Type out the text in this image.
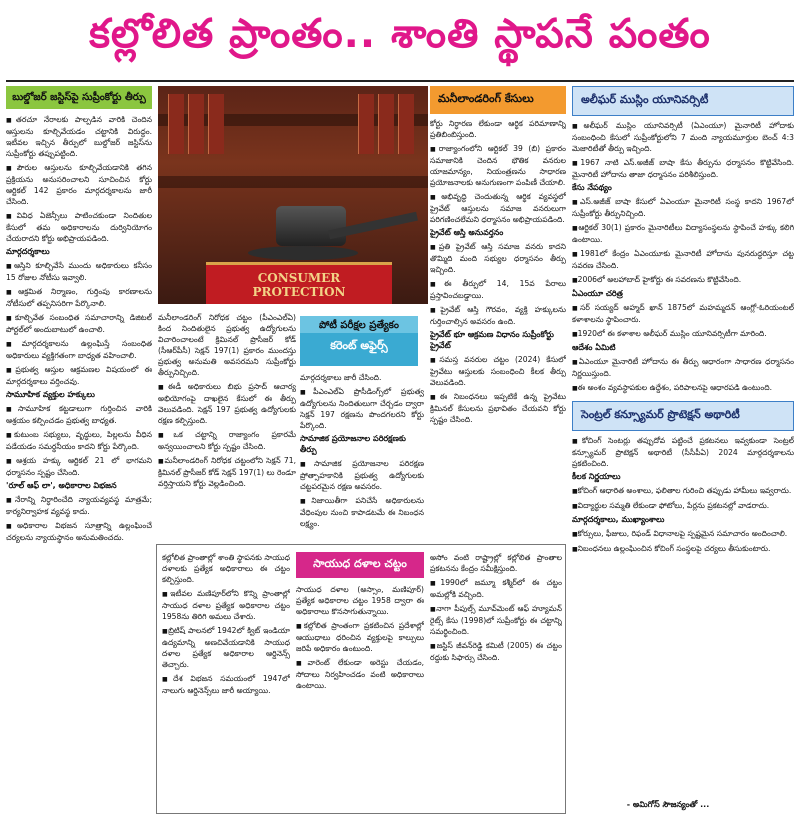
కల్లోలిత ప్రాంతం.. శాంతి స్థాపనే పంతం
బుల్డోజర్ జస్టిస్‌పై సుప్రీంకోర్టు తీర్పు

■ తరచూ నేరాలకు పాల్పడిన వారికి చెందిన ఆస్తులను కూల్చివేయడం చట్టానికి విరుద్ధం. ఇటీవల ఇచ్చిన తీర్పులో బుల్డోజర్ జస్టిస్‌ను సుప్రీంకోర్టు తప్పుపట్టింది.

■ పౌరుల ఆస్తులను కూల్చివేయడానికి తగిన ప్రక్రియను అనుసరించాలని సూచించిన కోర్టు ఆర్టికల్ 142 ప్రకారం మార్గదర్శకాలను జారీ చేసింది.

■ వివిధ ఏజెన్సీలు పాటించకుండా నిందితుల కేసులో తమ అధికారాలను దుర్వినియోగం చేయరాదని కోర్టు అభిప్రాయపడింది.

మార్గదర్శకాలు

■ ఆస్తిని కూల్చివేసే ముందు అధికారులు కనీసం 15 రోజుల నోటీసు ఇవ్వాలి.

■ ఆక్రమిత నిర్మాణం, గుర్తింపు కారణాలను నోటీసులో తప్పనిసరిగా పేర్కొనాలి.

■ కూల్చివేత సంబంధిత సమాచారాన్ని డిజిటల్ పోర్టల్‌లో అందుబాటులో ఉంచాలి.

■ మార్గదర్శకాలను ఉల్లంఘిస్తే సంబంధిత అధికారులు వ్యక్తిగతంగా బాధ్యత వహించాలి.

■ ప్రభుత్వ ఆస్తుల ఆక్రమణల విషయంలో ఈ మార్గదర్శకాలు వర్తించవు.

సామూహిక వ్యక్తుల హక్కులు

■ సామూహిక కట్టడాలుగా గుర్తించిన వారికి ఆశ్రయం కల్పించడం ప్రభుత్వ బాధ్యత.

■ కుటుంబ సభ్యులు, వృద్ధులు, పిల్లలను వీధిన పడేయడం సమర్థనీయం కాదని కోర్టు పేర్కొంది.

■ ఆశ్రయ హక్కు ఆర్టికల్ 21 లో భాగమని ధర్మాసనం స్పష్టం చేసింది.

'రూల్ ఆఫ్ లా', అధికారాల విభజన

■ నేరాన్ని నిర్ధారించేది న్యాయవ్యవస్థ మాత్రమే; కార్యనిర్వాహక వ్యవస్థ కాదు.

■ అధికారాల విభజన సూత్రాన్ని ఉల్లంఘించే చర్యలను న్యాయస్థానం అనుమతించదు.

CONSUMER
PROTECTION

మనీలాండరింగ్ నిరోధక చట్టం (పీఎంఎల్ఏ) కింద నిందితులైన ప్రభుత్వ ఉద్యోగులను విచారించాలంటే క్రిమినల్ ప్రొసీజర్ కోడ్ (సీఆర్‌పీసీ) సెక్షన్ 197(1) ప్రకారం ముందస్తు ప్రభుత్వ అనుమతి అవసరమని సుప్రీంకోర్టు తీర్పునిచ్చింది.

■ ఈడీ అధికారులు బిభు ప్రసాద్ ఆచార్య అభియోగంపై దాఖలైన కేసులో ఈ తీర్పు వెలువడింది. సెక్షన్ 197 ప్రభుత్వ ఉద్యోగులకు రక్షణ కల్పిస్తుంది.

■ ఒక చట్టాన్ని రాజ్యాంగం ప్రకారమే అన్వయించాలని కోర్టు స్పష్టం చేసింది.

■ మనీలాండరింగ్ నిరోధక చట్టంలోని సెక్షన్ 71, క్రిమినల్ ప్రొసీజర్ కోడ్ సెక్షన్ 197(1) లు రెండూ వర్తిస్తాయని కోర్టు వెల్లడించింది.

పోటీ పరీక్షల ప్రత్యేకం
కరెంట్ అఫైర్స్

మార్గదర్శకాలు జారీ చేసింది.

■ పీఎంఎల్ఏ ప్రొసీడింగ్స్‌లో ప్రభుత్వ ఉద్యోగులను నిందితులుగా చేర్చడం ద్వారా సెక్షన్ 197 రక్షణను పొందగలరని కోర్టు పేర్కొంది.

సామాజిక ప్రయోజనాల పరిరక్షణకు తీర్పు

■ సామాజిక ప్రయోజనాల పరిరక్షణ ప్రోత్సాహకానికి ప్రభుత్వ ఉద్యోగులకు చట్టపరమైన రక్షణ అవసరం.

■ నిజాయితీగా పనిచేసే అధికారులను వేధింపుల నుంచి కాపాడటమే ఈ నిబంధన లక్ష్యం.

మనీలాండరింగ్ కేసులు

కోర్టు నిర్ధారణ లేకుండా ఆర్థిక పరిమాణాన్ని ప్రతిబింబిస్తుంది.

■ రాజ్యాంగంలోని ఆర్టికల్ 39 (బి) ప్రకారం సమాజానికి చెందిన భౌతిక వనరుల యాజమాన్యం, నియంత్రణను సాధారణ ప్రయోజనాలకు అనుగుణంగా పంపిణీ చేయాలి.

■ అభివృద్ధి చెందుతున్న ఆర్థిక వ్యవస్థలో ప్రైవేట్ ఆస్తులను సమాజ వనరులుగా పరిగణించలేమని ధర్మాసనం అభిప్రాయపడింది.

ప్రైవేట్ ఆస్తి అనువర్తనం

■ ప్రతి ప్రైవేట్ ఆస్తి సమాజ వనరు కాదని తొమ్మిది మంది సభ్యుల ధర్మాసనం తీర్పు ఇచ్చింది.

■ ఈ తీర్పులో 14, 15వ పేరాలు ప్రస్తావించబడ్డాయి.

■ ప్రైవేట్ ఆస్తి గౌరవం, వ్యక్తి హక్కులను గుర్తించాల్సిన అవసరం ఉంది.

ప్రైవేట్ భూ ఆక్రమణ విధానం సుప్రీంకోర్టు ప్రైవేట్

■ సమస్త వనరుల చట్టం (2024) కేసులో ప్రైవేటు ఆస్తులకు సంబంధించి కీలక తీర్పు వెలువడింది.

■ ఈ నిబంధనలు ఇప్పటికే ఉన్న ప్రైవేటు క్రిమినల్ కేసులను ప్రభావితం చేయవని కోర్టు స్పష్టం చేసింది.

అలీఘర్ ముస్లిం యూనివర్సిటీ

■ అలీఘర్ ముస్లిం యూనివర్సిటీ (ఏఎంయూ) మైనారిటీ హోదాకు సంబంధించి కేసులో సుప్రీంకోర్టులోని 7 మంది న్యాయమూర్తుల బెంచ్ 4:3 మెజారిటీతో తీర్పు ఇచ్చింది.

■ 1967 నాటి ఎస్.అజీజ్ బాషా కేసు తీర్పును ధర్మాసనం కొట్టివేసింది. మైనారిటీ హోదాను తాజా ధర్మాసనం పరిశీలిస్తుంది.

కేసు నేపథ్యం

■ ఎస్.అజీజ్ బాషా కేసులో ఏఎంయూ మైనారిటీ సంస్థ కాదని 1967లో సుప్రీంకోర్టు తీర్పునిచ్చింది.

■ ఆర్టికల్ 30(1) ప్రకారం మైనారిటీలు విద్యాసంస్థలను స్థాపించే హక్కు కలిగి ఉంటాయి.

■ 1981లో కేంద్రం ఏఎంయూకు మైనారిటీ హోదాను పునరుద్ధరిస్తూ చట్ట సవరణ చేసింది.

■ 2006లో అలహాబాద్ హైకోర్టు ఈ సవరణను కొట్టివేసింది.

ఏఎంయూ చరిత్ర

■ సర్ సయ్యద్ అహ్మద్ ఖాన్ 1875లో మహమ్మదన్ ఆంగ్లో-ఓరియంటల్ కళాశాలను స్థాపించారు.

■ 1920లో ఈ కళాశాల అలీఘర్ ముస్లిం యూనివర్సిటీగా మారింది.

ఆదేశం ఏమిటి

■ ఏఎంయూ మైనారిటీ హోదాను ఈ తీర్పు ఆధారంగా సాధారణ ధర్మాసనం నిర్ణయిస్తుంది.

■ ఈ అంశం వ్యవస్థాపకుల ఉద్దేశం, పరిపాలనపై ఆధారపడి ఉంటుంది.

సెంట్రల్ కన్స్యూమర్ ప్రొటెక్షన్ అథారిటీ

■ కోచింగ్ సెంటర్లు తప్పుదోవ పట్టించే ప్రకటనలు ఇవ్వకుండా సెంట్రల్ కన్స్యూమర్ ప్రొటెక్షన్ అథారిటీ (సీసీపీఏ) 2024 మార్గదర్శకాలను ప్రకటించింది.

కీలక నిర్ణయాలు

■ కోచింగ్ ఆధారిత అంశాలు, ఫలితాల గురించి తప్పుడు హామీలు ఇవ్వరాదు.

■ విద్యార్థుల సమ్మతి లేకుండా ఫోటోలు, పేర్లను ప్రకటనల్లో వాడరాదు.

మార్గదర్శకాలు, ముఖ్యాంశాలు

■ కోర్సులు, ఫీజులు, రిఫండ్ విధానాలపై స్పష్టమైన సమాచారం అందించాలి.

■ నిబంధనలు ఉల్లంఘించిన కోచింగ్ సంస్థలపై చర్యలు తీసుకుంటారు.

సాయుధ దళాల చట్టం

కల్లోలిత ప్రాంతాల్లో శాంతి స్థాపనకు సాయుధ దళాలకు ప్రత్యేక అధికారాలు ఈ చట్టం కల్పిస్తుంది.

■ ఇటీవల మణిపూర్‌లోని కొన్ని ప్రాంతాల్లో సాయుధ దళాల ప్రత్యేక అధికారాల చట్టం 1958ను తిరిగి అమలు చేశారు.

■ బ్రిటిష్ పాలనలో 1942లో క్విట్ ఇండియా ఉద్యమాన్ని అణచివేయడానికి సాయుధ దళాల ప్రత్యేక అధికారాల ఆర్డినెన్స్ తెచ్చారు.

■ దేశ విభజన సమయంలో 1947లో నాలుగు ఆర్డినెన్స్‌లు జారీ అయ్యాయి.

సాయుధ దళాల (అస్సాం, మణిపూర్) ప్రత్యేక అధికారాల చట్టం 1958 ద్వారా ఈ అధికారాలు కొనసాగుతున్నాయి.

■ కల్లోలిత ప్రాంతంగా ప్రకటించిన ప్రదేశాల్లో ఆయుధాలు ధరించిన వ్యక్తులపై కాల్పులు జరిపే అధికారం ఉంటుంది.

■ వారెంట్ లేకుండా అరెస్టు చేయడం, సోదాలు నిర్వహించడం వంటి అధికారాలు ఉంటాయి.

అసోం వంటి రాష్ట్రాల్లో కల్లోలిత ప్రాంతాల ప్రకటనను కేంద్రం సమీక్షిస్తుంది.

■ 1990లో జమ్మూ కశ్మీర్‌లో ఈ చట్టం అమల్లోకి వచ్చింది.

■ నాగా పీపుల్స్ మూవ్‌మెంట్ ఆఫ్ హ్యూమన్ రైట్స్ కేసు (1998)లో సుప్రీంకోర్టు ఈ చట్టాన్ని సమర్థించింది.

■ జస్టిస్ జీవన్‌రెడ్డి కమిటీ (2005) ఈ చట్టం రద్దుకు సిఫార్సు చేసింది.

- అమిగోస్ సౌజన్యంతో ...
